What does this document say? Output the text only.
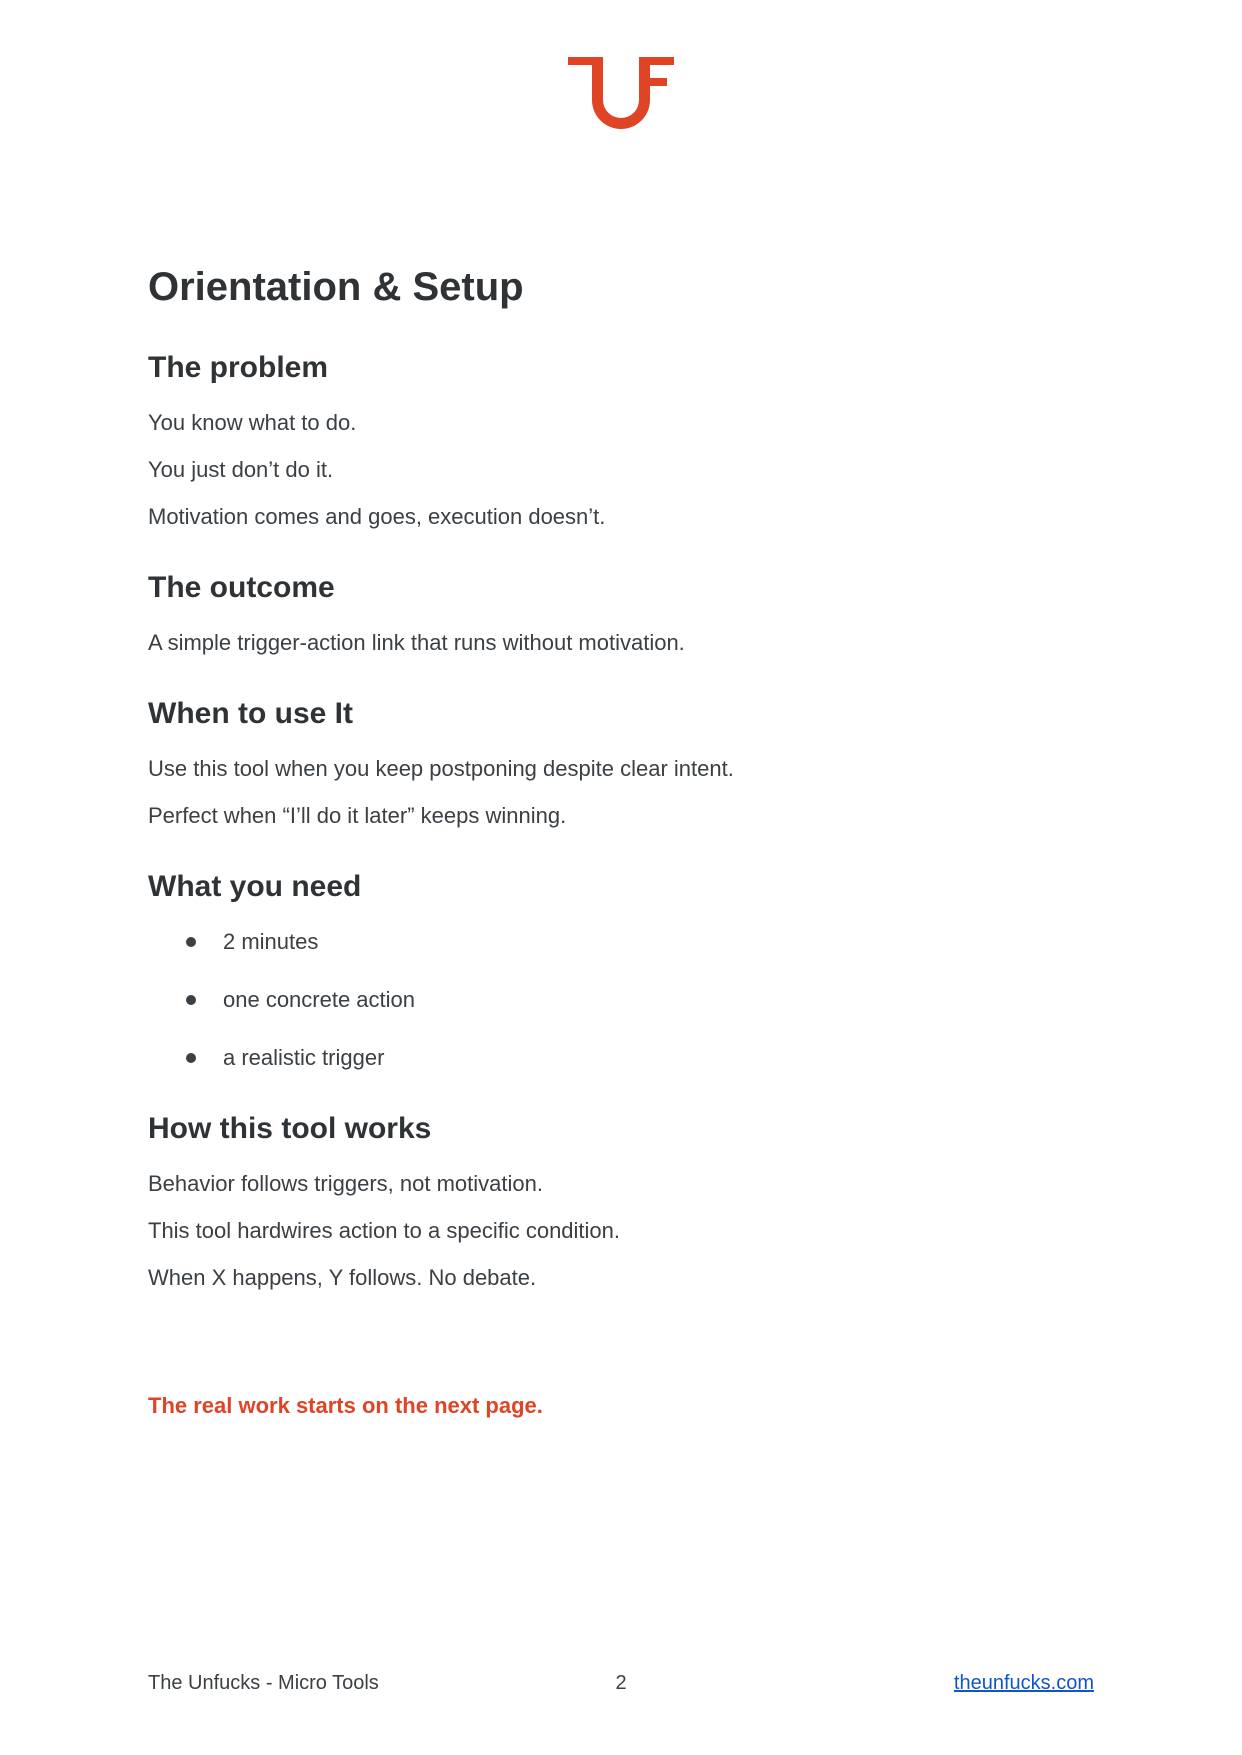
Orientation & Setup
The problem

You know what to do.

You just don’t do it.

Motivation comes and goes, execution doesn’t.

The outcome

A simple trigger-action link that runs without motivation.

When to use It

Use this tool when you keep postponing despite clear intent.

Perfect when “I’ll do it later” keeps winning.

What you need
2 minutes
one concrete action
a realistic trigger
How this tool works

Behavior follows triggers, not motivation.

This tool hardwires action to a specific condition.

When X happens, Y follows. No debate.

The real work starts on the next page.

The Unfucks - Micro Tools	2	theunfucks.com
